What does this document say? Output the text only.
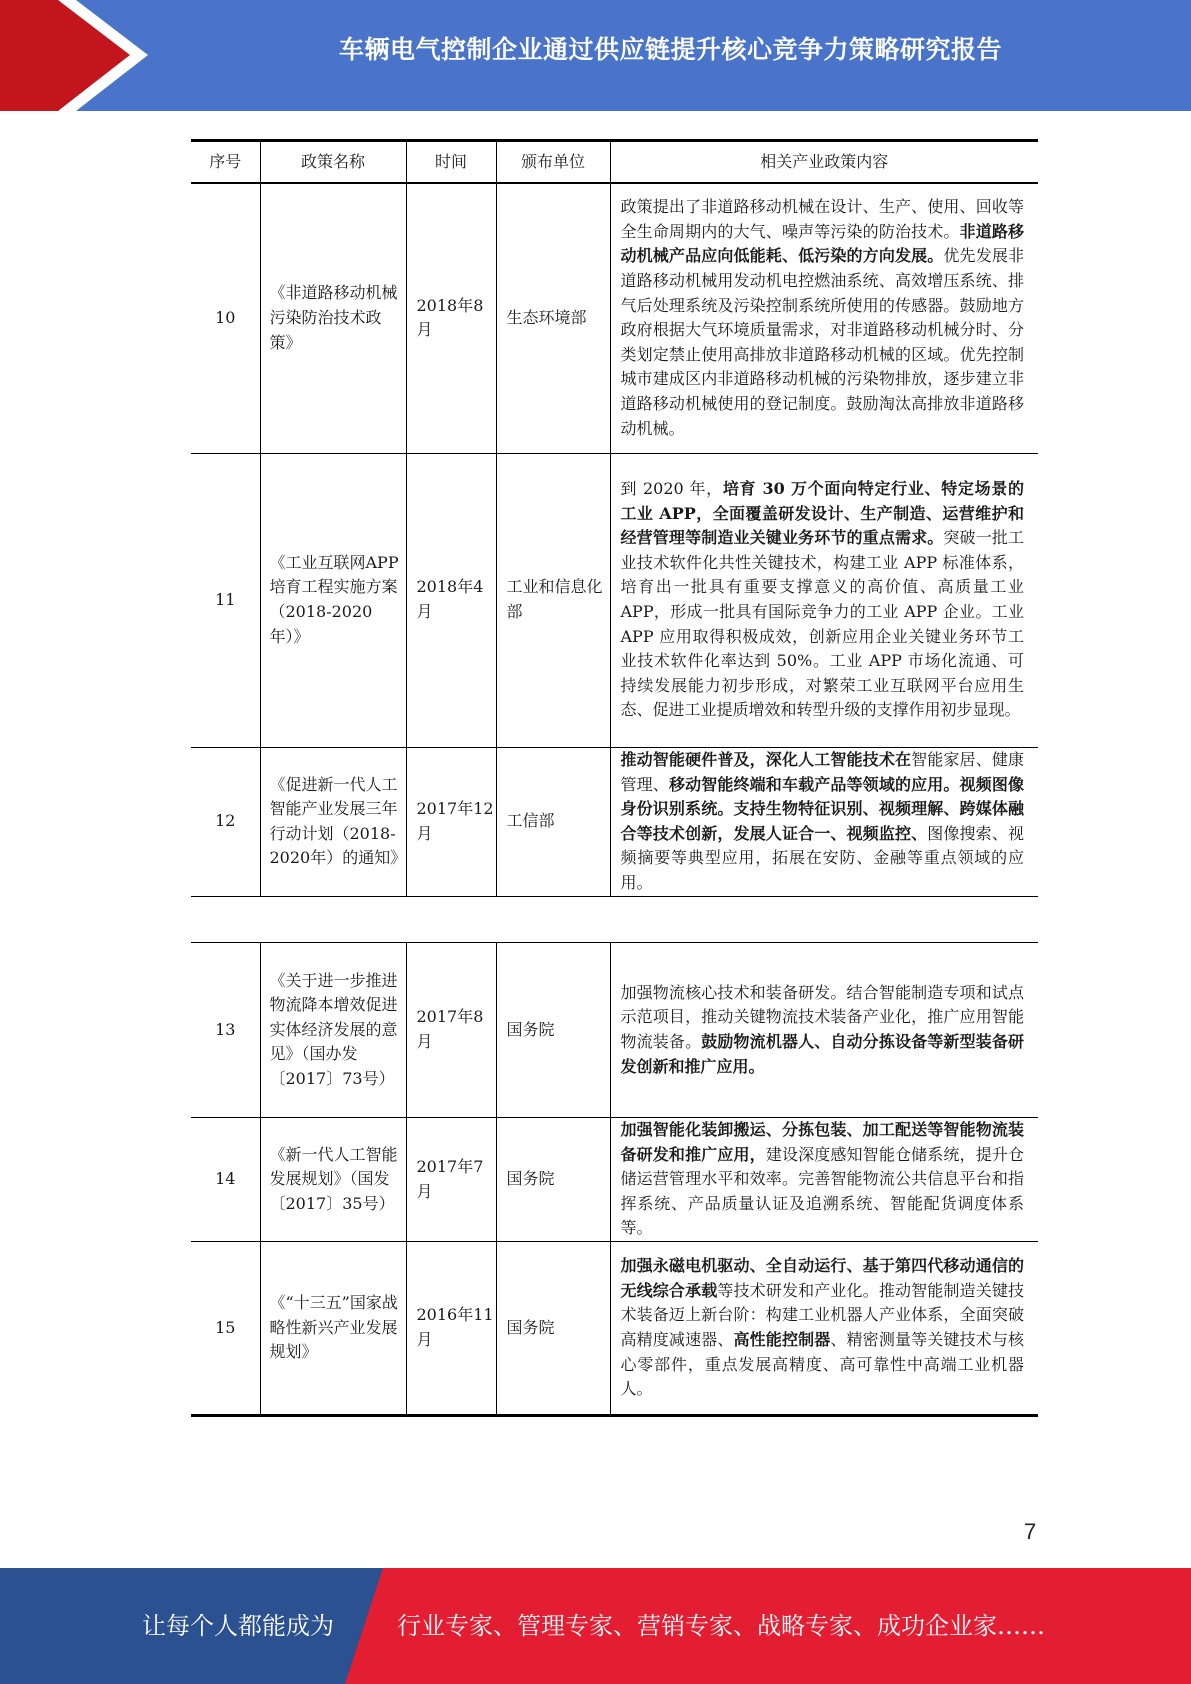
车辆电气控制企业通过供应链提升核心竞争力策略研究报告
序号	政策名称	时间	颁布单位	相关产业政策内容
10	《非道路移动机械污染防治技术政策》	2018年8月	生态环境部	政策提出了非道路移动机械在设计、生产、使用、回收等全生命周期内的大气、噪声等污染的防治技术。非道路移动机械产品应向低能耗、低污染的方向发展。优先发展非道路移动机械用发动机电控燃油系统、高效增压系统、排气后处理系统及污染控制系统所使用的传感器。鼓励地方政府根据大气环境质量需求，对非道路移动机械分时、分类划定禁止使用高排放非道路移动机械的区域。优先控制城市建成区内非道路移动机械的污染物排放，逐步建立非道路移动机械使用的登记制度。鼓励淘汰高排放非道路移动机械。
11	《工业互联网APP培育工程实施方案（2018-2020年）》	2018年4月	工业和信息化部	到 2020 年，培育 30 万个面向特定行业、特定场景的工业 APP，全面覆盖研发设计、生产制造、运营维护和经营管理等制造业关键业务环节的重点需求。突破一批工业技术软件化共性关键技术，构建工业 APP 标准体系，培育出一批具有重要支撑意义的高价值、高质量工业 APP，形成一批具有国际竞争力的工业 APP 企业。工业 APP 应用取得积极成效，创新应用企业关键业务环节工业技术软件化率达到 50%。工业 APP 市场化流通、可持续发展能力初步形成，对繁荣工业互联网平台应用生态、促进工业提质增效和转型升级的支撑作用初步显现。
12	《促进新一代人工智能产业发展三年行动计划（2018-2020年）的通知》	2017年12月	工信部	推动智能硬件普及，深化人工智能技术在智能家居、健康管理、移动智能终端和车载产品等领域的应用。视频图像身份识别系统。支持生物特征识别、视频理解、跨媒体融合等技术创新，发展人证合一、视频监控、图像搜索、视频摘要等典型应用，拓展在安防、金融等重点领域的应用。
13	《关于进一步推进物流降本增效促进实体经济发展的意见》（国办发〔2017〕73号）	2017年8月	国务院	加强物流核心技术和装备研发。结合智能制造专项和试点示范项目，推动关键物流技术装备产业化，推广应用智能物流装备。鼓励物流机器人、自动分拣设备等新型装备研发创新和推广应用。
14	《新一代人工智能发展规划》（国发〔2017〕35号）	2017年7月	国务院	加强智能化装卸搬运、分拣包装、加工配送等智能物流装备研发和推广应用，建设深度感知智能仓储系统，提升仓储运营管理水平和效率。完善智能物流公共信息平台和指挥系统、产品质量认证及追溯系统、智能配货调度体系等。
15	《“十三五”国家战略性新兴产业发展规划》	2016年11月	国务院	加强永磁电机驱动、全自动运行、基于第四代移动通信的无线综合承载等技术研发和产业化。推动智能制造关键技术装备迈上新台阶：构建工业机器人产业体系，全面突破高精度减速器、高性能控制器、精密测量等关键技术与核心零部件，重点发展高精度、高可靠性中高端工业机器人。
7
让每个人都能成为	行业专家、管理专家、营销专家、战略专家、成功企业家……
